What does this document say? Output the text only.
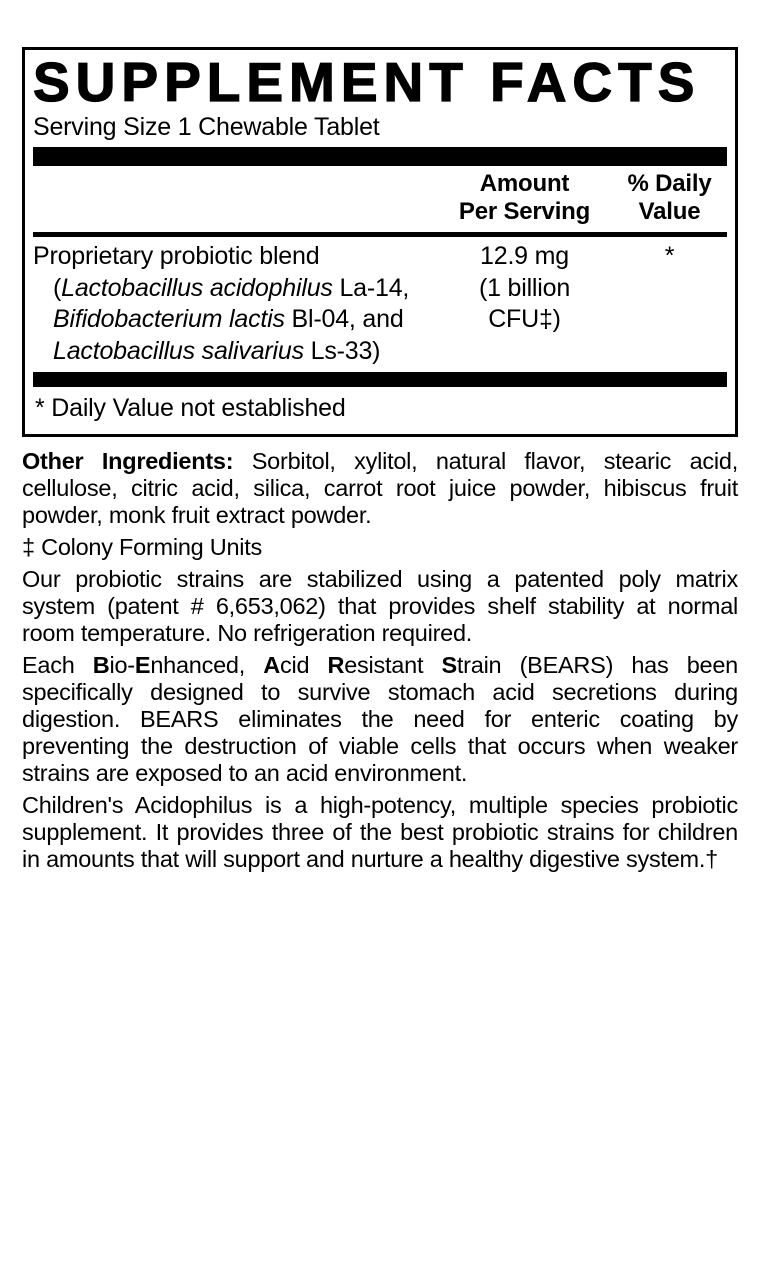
SUPPLEMENT FACTS
Serving Size 1 Chewable Tablet
Amount
Per Serving
% Daily
Value
Proprietary probiotic blend
(Lactobacillus acidophilus La-14,
Bifidobacterium lactis Bl-04, and
Lactobacillus salivarius Ls-33)
12.9 mg
(1 billion
CFU‡)
*
* Daily Value not established

Other Ingredients: Sorbitol, xylitol, natural flavor, stearic acid, cellulose, citric acid, silica, carrot root juice powder, hibiscus fruit powder, monk fruit extract powder.

‡ Colony Forming Units

Our probiotic strains are stabilized using a patented poly matrix system (patent # 6,653,062) that provides shelf stability at normal room temperature. No refrigeration required.

Each Bio-Enhanced, Acid Resistant Strain (BEARS) has been specifically designed to survive stomach acid secretions during digestion. BEARS eliminates the need for enteric coating by preventing the destruction of viable cells that occurs when weaker strains are exposed to an acid environment.

Children's Acidophilus is a high-potency, multiple species probiotic supplement. It provides three of the best probiotic strains for children in amounts that will support and nurture a healthy digestive system.†
